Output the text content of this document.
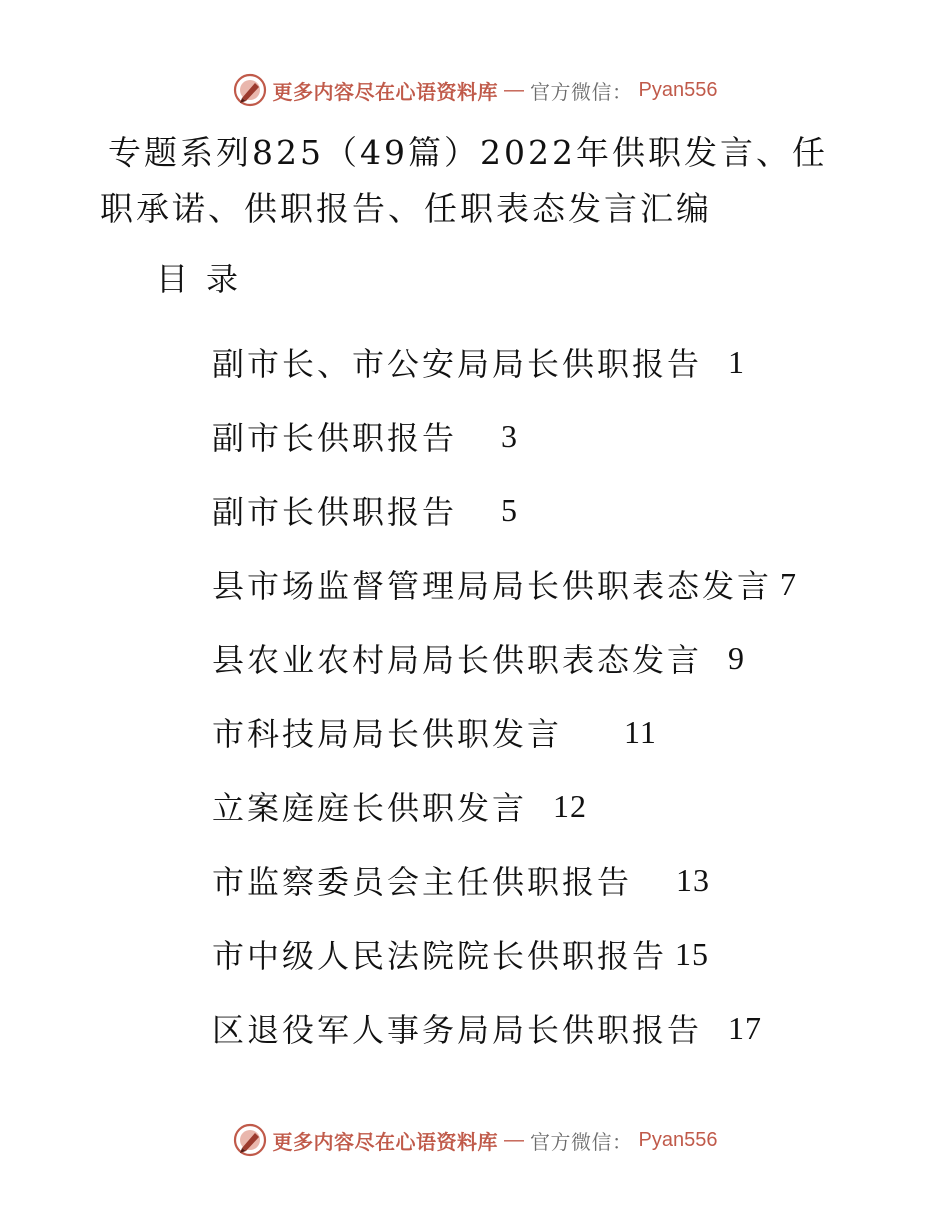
更多内容尽在心语资料库 — 官方微信： Pyan556
专题系列825（49篇）2022年供职发言、任职承诺、供职报告、任职表态发言汇编
目录
副市长、市公安局局长供职报告 1
副市长供职报告 3
副市长供职报告 5
县市场监督管理局局长供职表态发言 7
县农业农村局局长供职表态发言 9
市科技局局长供职发言 11
立案庭庭长供职发言 12
市监察委员会主任供职报告 13
市中级人民法院院长供职报告 15
区退役军人事务局局长供职报告 17
更多内容尽在心语资料库 — 官方微信： Pyan556
